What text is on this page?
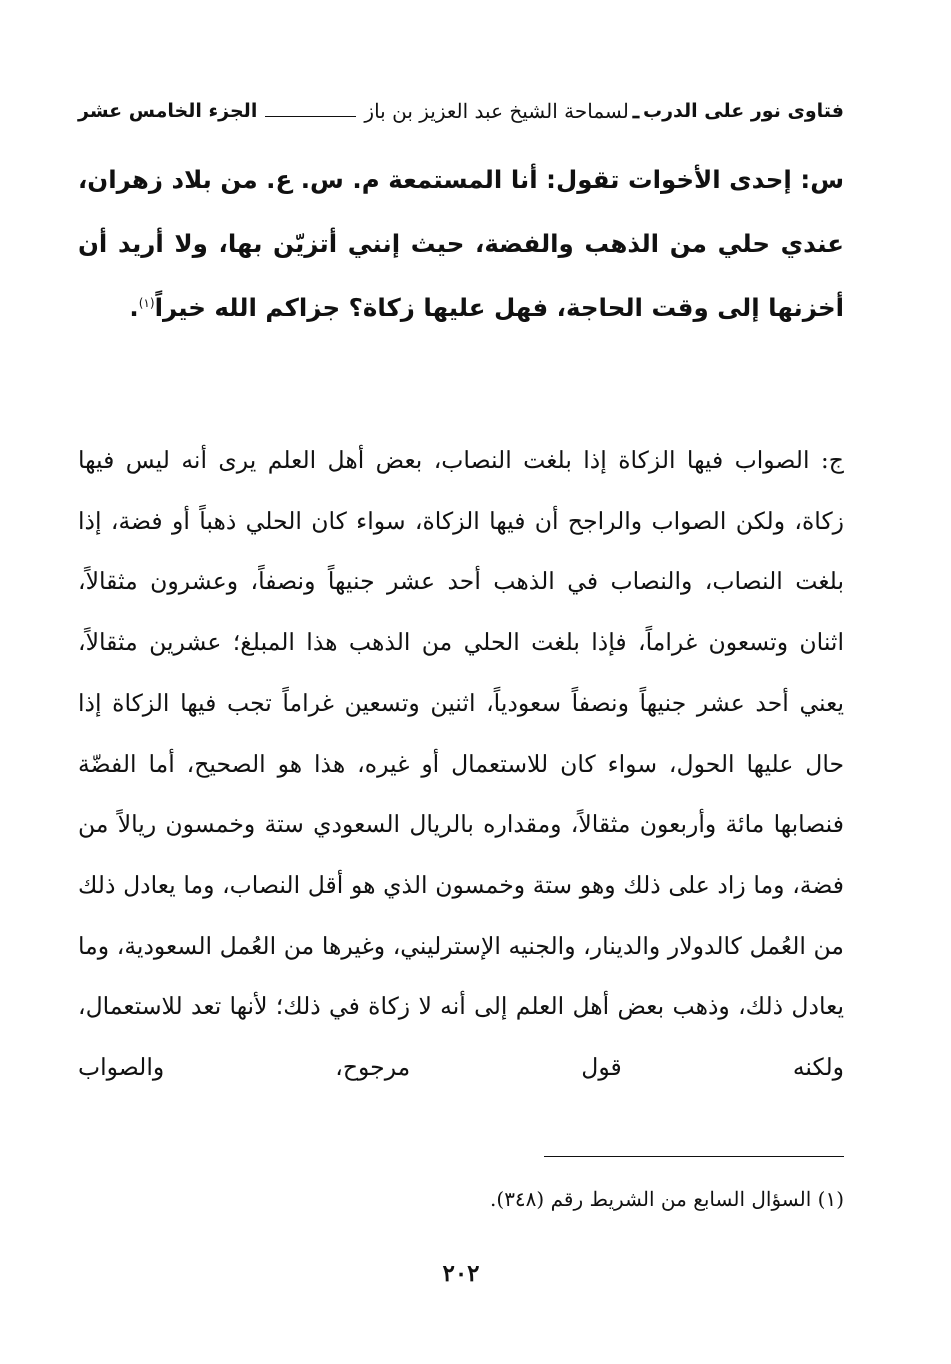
فتاوى نور على الدرب
ـ
لسماحة الشيخ عبد العزيز بن باز
الجزء الخامس عشر
س: إحدى الأخوات تقول: أنا المستمعة م. س. ع. من بلاد زهران، عندي حلي من الذهب والفضة، حيث إنني أتزيّن بها، ولا أريد أن أخزنها إلى وقت الحاجة، فهل عليها زكاة؟ جزاكم الله خيراً$^{(١)}$.
ج: الصواب فيها الزكاة إذا بلغت النصاب، بعض أهل العلم يرى أنه ليس فيها زكاة، ولكن الصواب والراجح أن فيها الزكاة، سواء كان الحلي ذهباً أو فضة، إذا بلغت النصاب، والنصاب في الذهب أحد عشر جنيهاً ونصفاً، وعشرون مثقالاً، اثنان وتسعون غراماً، فإذا بلغت الحلي من الذهب هذا المبلغ؛ عشرين مثقالاً، يعني أحد عشر جنيهاً ونصفاً سعودياً، اثنين وتسعين غراماً تجب فيها الزكاة إذا حال عليها الحول، سواء كان للاستعمال أو غيره، هذا هو الصحيح، أما الفضّة فنصابها مائة وأربعون مثقالاً، ومقداره بالريال السعودي ستة وخمسون ريالاً من فضة، وما زاد على ذلك وهو ستة وخمسون الذي هو أقل النصاب، وما يعادل ذلك من العُمل كالدولار والدينار، والجنيه الإسترليني، وغيرها من العُمل السعودية، وما يعادل ذلك، وذهب بعض أهل العلم إلى أنه لا زكاة في ذلك؛ لأنها تعد للاستعمال، ولكنه قول مرجوح، والصواب
(١) السؤال السابع من الشريط رقم (٣٤٨).
٢٠٢
